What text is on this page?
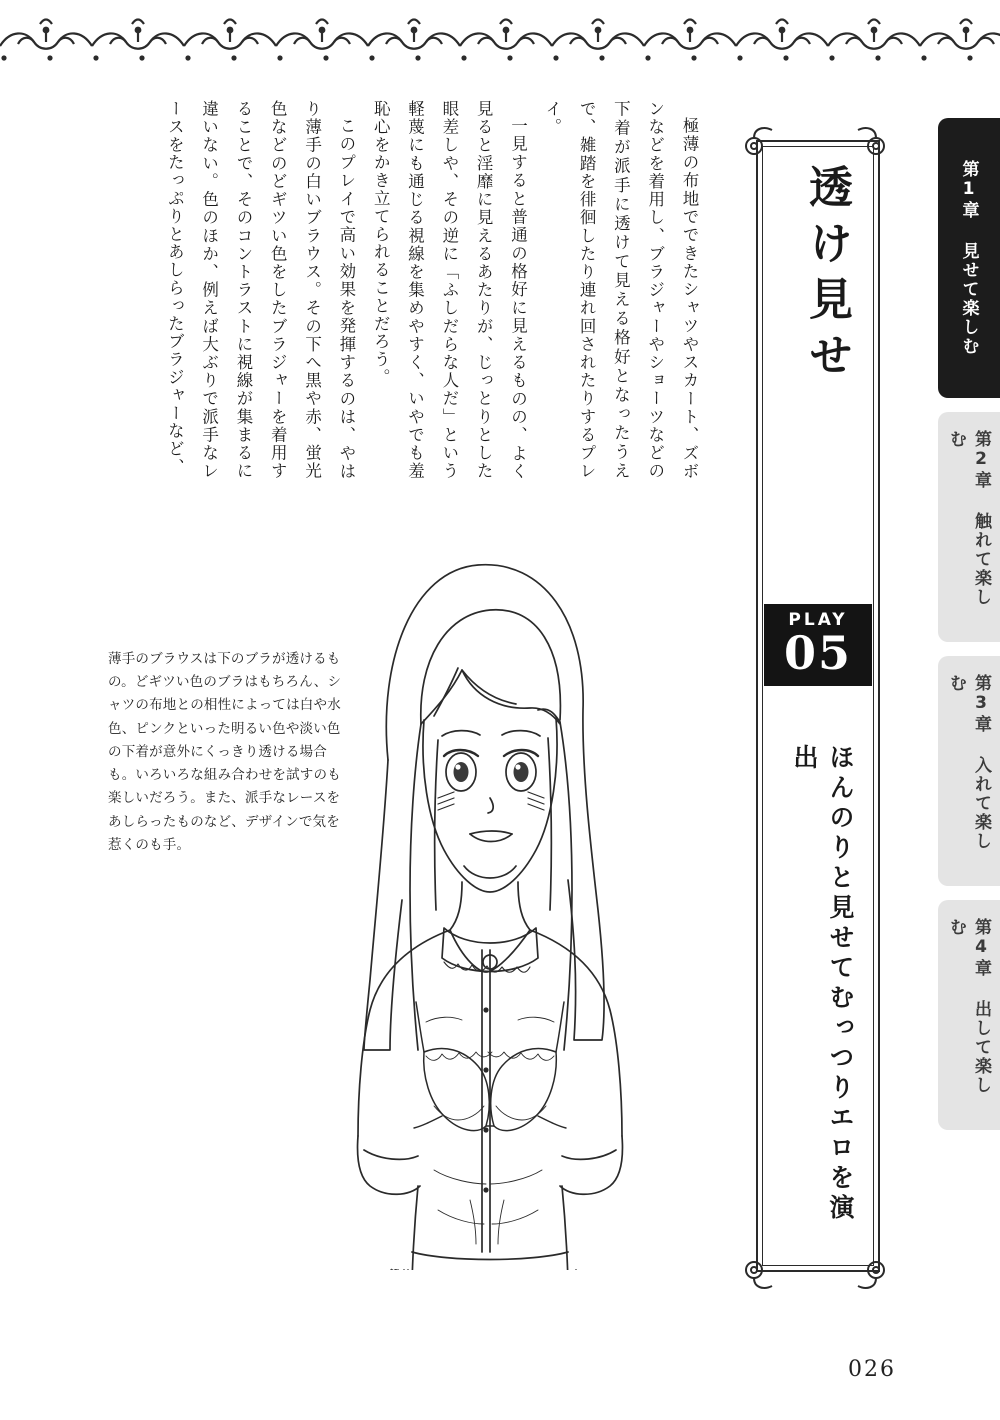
第1章 見せて楽しむ
第2章 触れて楽しむ
第3章 入れて楽しむ
第4章 出して楽しむ
透け見せ
PLAY
05
ほんのりと見せてむっつりエロを演出

極薄の布地でできたシャツやスカート、ズボンなどを着用し、ブラジャーやショーツなどの下着が派手に透けて見える格好となったうえで、雑踏を徘徊したり連れ回されたりするプレイ。

一見すると普通の格好に見えるものの、よく見ると淫靡に見えるあたりが、じっとりとした眼差しや、その逆に「ふしだらな人だ」という軽蔑にも通じる視線を集めやすく、いやでも羞恥心をかき立てられることだろう。

このプレイで高い効果を発揮するのは、やはり薄手の白いブラウス。その下へ黒や赤、蛍光色などのどギツい色をしたブラジャーを着用することで、そのコントラストに視線が集まるに違いない。色のほか、例えば大ぶりで派手なレースをたっぷりとあしらったブラジャーなど、

薄手のブラウスは下のブラが透けるもの。どギツい色のブラはもちろん、シャツの布地との相性によっては白や水色、ピンクといった明るい色や淡い色の下着が意外にくっきり透ける場合も。いろいろな組み合わせを試すのも楽しいだろう。また、派手なレースをあしらったものなど、デザインで気を惹くのも手。
026
